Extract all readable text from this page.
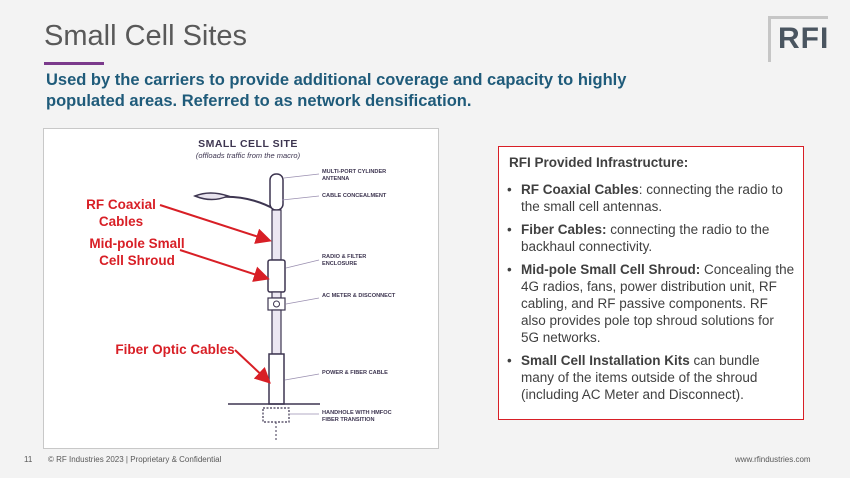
Small Cell Sites	RFI
Used by the carriers to provide additional coverage and capacity to highly populated areas. Referred to as network densification.
SMALL CELL SITE
(offloads traffic from the macro)
MULTI-PORT CYLINDER ANTENNA
CABLE CONCEALMENT
RADIO & FILTER ENCLOSURE
AC METER & DISCONNECT
POWER & FIBER CABLE
HANDHOLE WITH HMFOC FIBER TRANSITION
RF Coaxial
Cables
Mid-pole Small
Cell Shroud
Fiber Optic Cables
RFI Provided Infrastructure:
• RF Coaxial Cables: connecting the radio to the small cell antennas.
• Fiber Cables: connecting the radio to the backhaul connectivity.
• Mid-pole Small Cell Shroud: Concealing the 4G radios, fans, power distribution unit, RF cabling, and RF passive components. RF also provides pole top shroud solutions for 5G networks.
• Small Cell Installation Kits can bundle many of the items outside of the shroud (including AC Meter and Disconnect).
11 © RF Industries 2023 | Proprietary & Confidential	www.rfindustries.com
